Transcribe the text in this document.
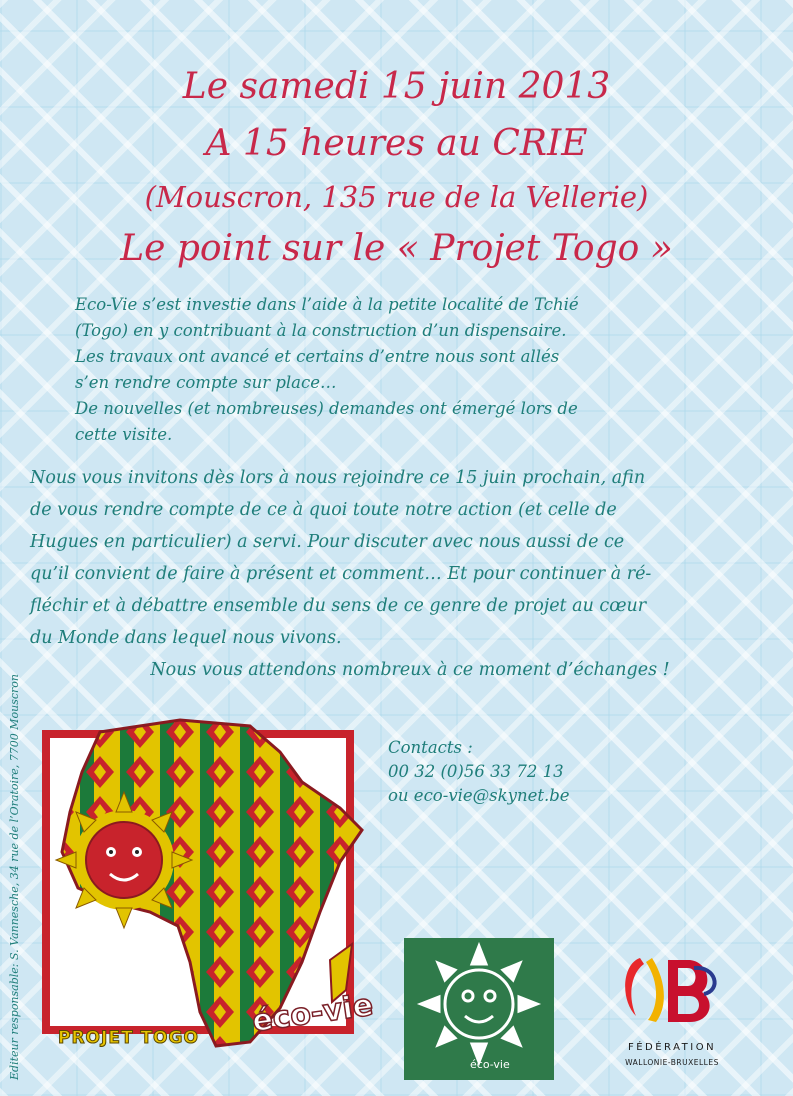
Le samedi 15 juin 2013
A 15 heures au CRIE
(Mouscron, 135 rue de la Vellerie)
Le point sur le « Projet Togo »
Eco-Vie s’est investie dans l’aide à la petite localité de Tchié
(Togo) en y contribuant à la construction d’un dispensaire.
Les travaux ont avancé et certains d’entre nous sont allés
s’en rendre compte sur place…
De nouvelles (et nombreuses) demandes ont émergé lors de
cette visite.
Nous vous invitons dès lors à nous rejoindre ce 15 juin prochain, afin
de vous rendre compte de ce à quoi toute notre action (et celle de
Hugues en particulier) a servi. Pour discuter avec nous aussi de ce
qu’il convient de faire à présent et comment… Et pour continuer à ré-
fléchir et à débattre ensemble du sens de ce genre de projet au cœur
du Monde dans lequel nous vivons.
Nous vous attendons nombreux à ce moment d’échanges !
Contacts :
00 32 (0)56 33 72 13
ou eco-vie@skynet.be
Editeur responsable: S. Vannesche, 34 rue de l’Oratoire, 7700 Mouscron	éco-vie
PROJET TOGO
éco-vie
FÉDÉRATION
WALLONIE-BRUXELLES
